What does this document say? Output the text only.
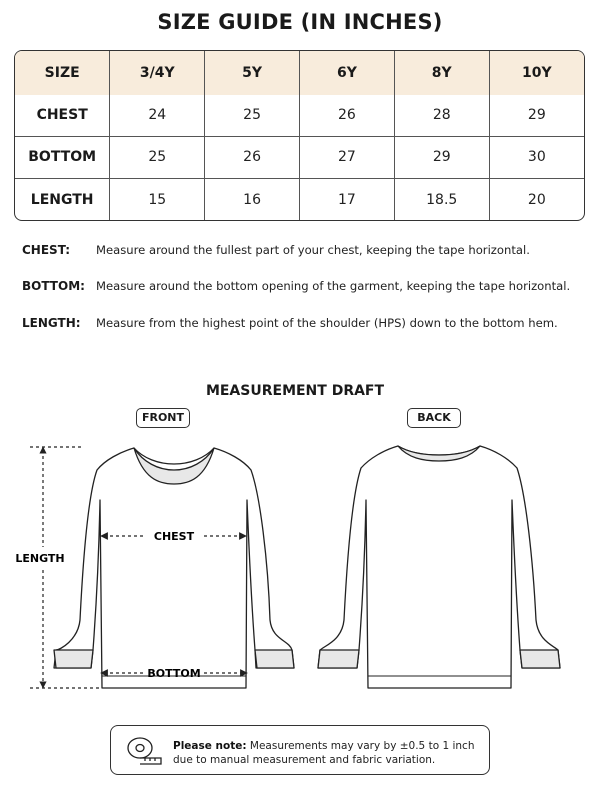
SIZE GUIDE (IN INCHES)
SIZE	3/4Y	5Y	6Y	8Y	10Y
CHEST	24	25	26	28	29
BOTTOM	25	26	27	29	30
LENGTH	15	16	17	18.5	20
CHEST:	Measure around the fullest part of your chest, keeping the tape horizontal.
BOTTOM: Measure around the bottom opening of the garment, keeping the tape horizontal.
LENGTH:	Measure from the highest point of the shoulder (HPS) down to the bottom hem.
MEASUREMENT DRAFT
FRONT	BACK
CHEST
BOTTOM
LENGTH
Please note: Measurements may vary by ±0.5 to 1 inch
due to manual measurement and fabric variation.
